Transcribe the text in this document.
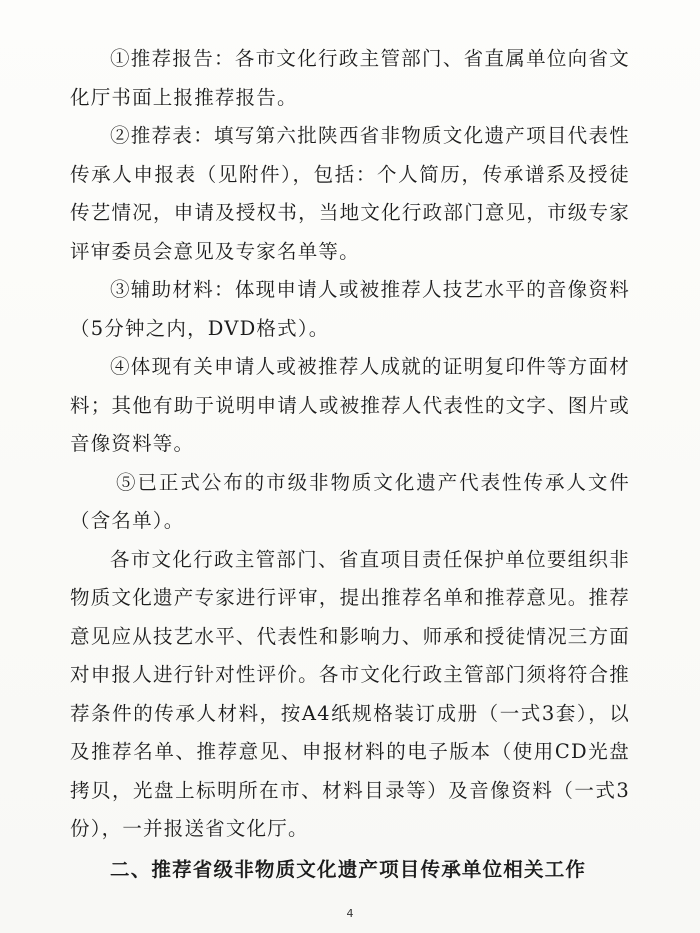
①推荐报告：各市文化行政主管部门、省直属单位向省文化厅书面上报推荐报告。

②推荐表：填写第六批陕西省非物质文化遗产项目代表性传承人申报表（见附件），包括：个人简历，传承谱系及授徒传艺情况，申请及授权书，当地文化行政部门意见，市级专家评审委员会意见及专家名单等。

③辅助材料：体现申请人或被推荐人技艺水平的音像资料（5分钟之内，DVD格式）。

④体现有关申请人或被推荐人成就的证明复印件等方面材料；其他有助于说明申请人或被推荐人代表性的文字、图片或音像资料等。

⑤已正式公布的市级非物质文化遗产代表性传承人文件（含名单）。

各市文化行政主管部门、省直项目责任保护单位要组织非物质文化遗产专家进行评审，提出推荐名单和推荐意见。推荐意见应从技艺水平、代表性和影响力、师承和授徒情况三方面对申报人进行针对性评价。各市文化行政主管部门须将符合推荐条件的传承人材料，按A4纸规格装订成册（一式3套），以及推荐名单、推荐意见、申报材料的电子版本（使用CD光盘拷贝，光盘上标明所在市、材料目录等）及音像资料（一式3份），一并报送省文化厅。

二、推荐省级非物质文化遗产项目传承单位相关工作

4
